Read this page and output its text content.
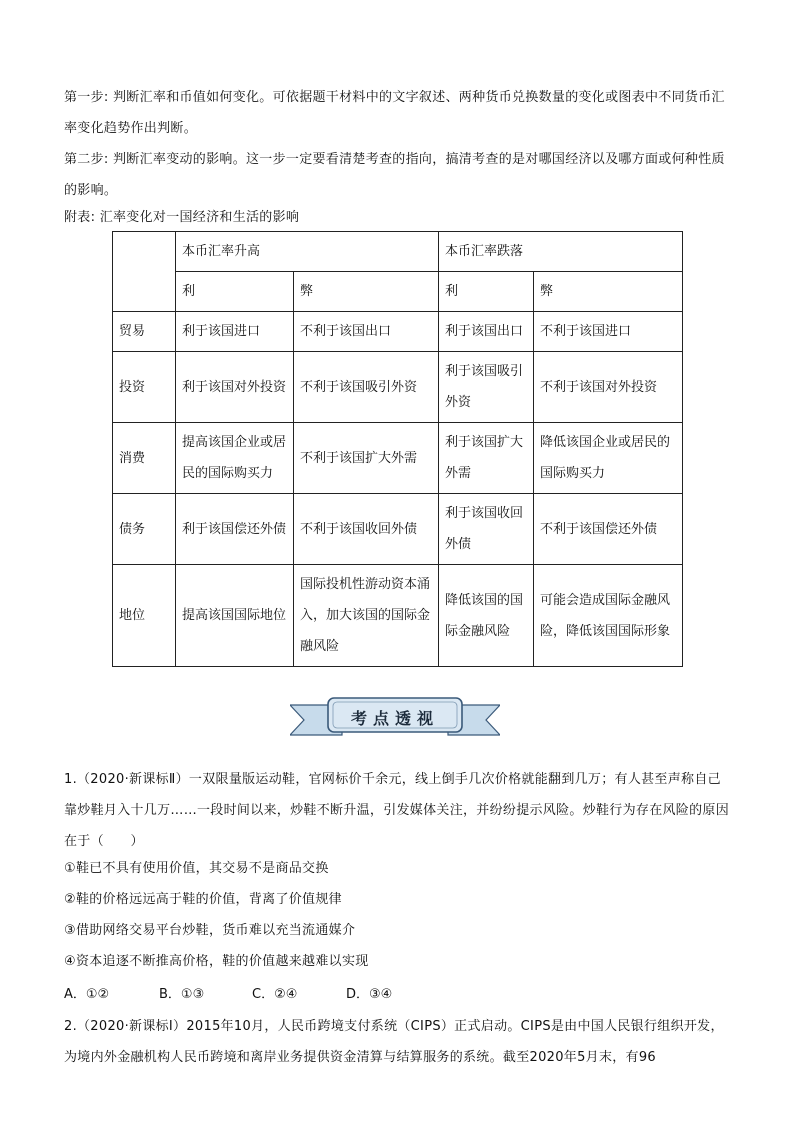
第一步: 判断汇率和币值如何变化。可依据题干材料中的文字叙述、两种货币兑换数量的变化或图表中不同货币汇率变化趋势作出判断。
第二步: 判断汇率变动的影响。这一步一定要看清楚考查的指向，搞清考查的是对哪国经济以及哪方面或何种性质的影响。
附表: 汇率变化对一国经济和生活的影响
	本币汇率升高		本币汇率跌落	
	利	弊	利	弊
贸易	利于该国进口	不利于该国出口	利于该国出口	不利于该国进口
投资	利于该国对外投资	不利于该国吸引外资	利于该国吸引外资	不利于该国对外投资
消费	提高该国企业或居民的国际购买力	不利于该国扩大外需	利于该国扩大外需	降低该国企业或居民的国际购买力
债务	利于该国偿还外债	不利于该国收回外债	利于该国收回外债	不利于该国偿还外债
地位	提高该国国际地位	国际投机性游动资本涌入，加大该国的国际金融风险	降低该国的国际金融风险	可能会造成国际金融风险，降低该国国际形象
考点透视
1.（2020·新课标Ⅱ）一双限量版运动鞋，官网标价千余元，线上倒手几次价格就能翻到几万；有人甚至声称自己靠炒鞋月入十几万……一段时间以来，炒鞋不断升温，引发媒体关注，并纷纷提示风险。炒鞋行为存在风险的原因在于（　　）
①鞋已不具有使用价值，其交易不是商品交换
②鞋的价格远远高于鞋的价值，背离了价值规律
③借助网络交易平台炒鞋，货币难以充当流通媒介
④资本追逐不断推高价格，鞋的价值越来越难以实现
A．①②	B．①③	C．②④	D．③④
2.（2020·新课标Ⅰ）2015年10月，人民币跨境支付系统（CIPS）正式启动。CIPS是由中国人民银行组织开发，为境内外金融机构人民币跨境和离岸业务提供资金清算与结算服务的系统。截至2020年5月末，有96
